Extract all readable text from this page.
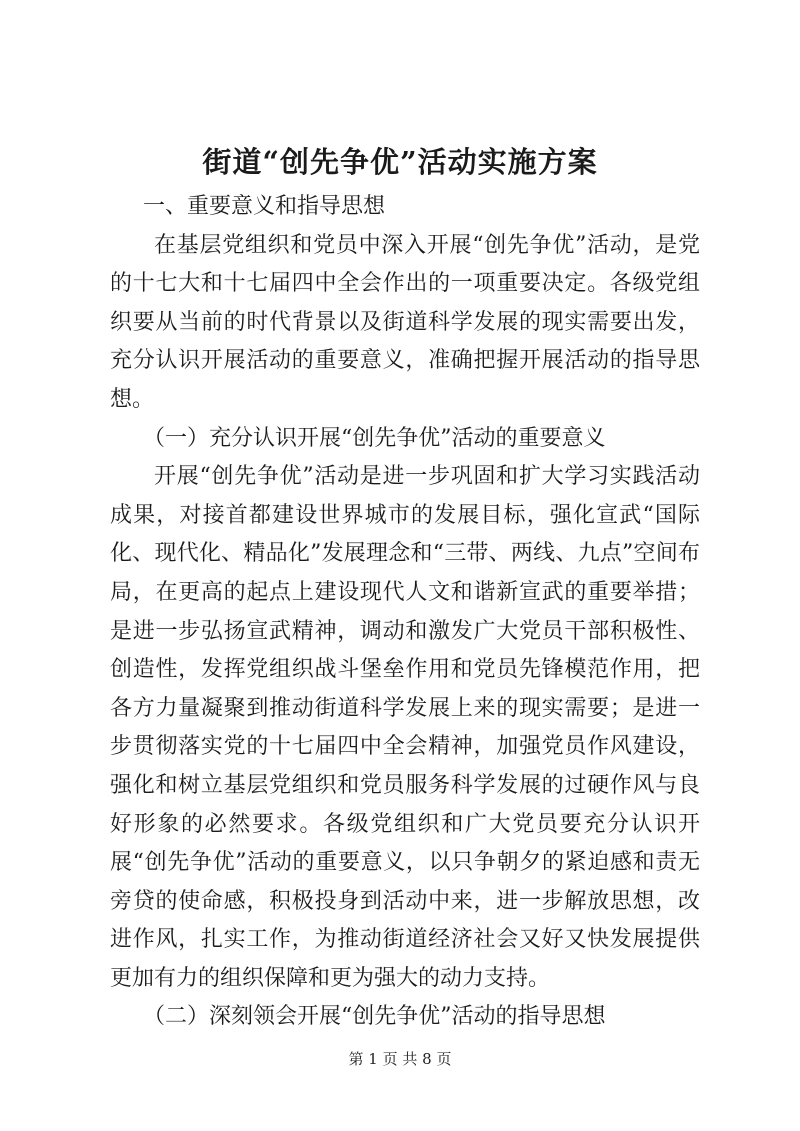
街道“创先争优”活动实施方案

一、重要意义和指导思想

在基层党组织和党员中深入开展“创先争优”活动，是党的十七大和十七届四中全会作出的一项重要决定。各级党组织要从当前的时代背景以及街道科学发展的现实需要出发，充分认识开展活动的重要意义，准确把握开展活动的指导思想。

（一）充分认识开展“创先争优”活动的重要意义

开展“创先争优”活动是进一步巩固和扩大学习实践活动成果，对接首都建设世界城市的发展目标，强化宣武“国际化、现代化、精品化”发展理念和“三带、两线、九点”空间布局，在更高的起点上建设现代人文和谐新宣武的重要举措；是进一步弘扬宣武精神，调动和激发广大党员干部积极性、创造性，发挥党组织战斗堡垒作用和党员先锋模范作用，把各方力量凝聚到推动街道科学发展上来的现实需要；是进一步贯彻落实党的十七届四中全会精神，加强党员作风建设，强化和树立基层党组织和党员服务科学发展的过硬作风与良好形象的必然要求。各级党组织和广大党员要充分认识开展“创先争优”活动的重要意义，以只争朝夕的紧迫感和责无旁贷的使命感，积极投身到活动中来，进一步解放思想，改进作风，扎实工作，为推动街道经济社会又好又快发展提供更加有力的组织保障和更为强大的动力支持。

（二）深刻领会开展“创先争优”活动的指导思想

第 1 页 共 8 页
